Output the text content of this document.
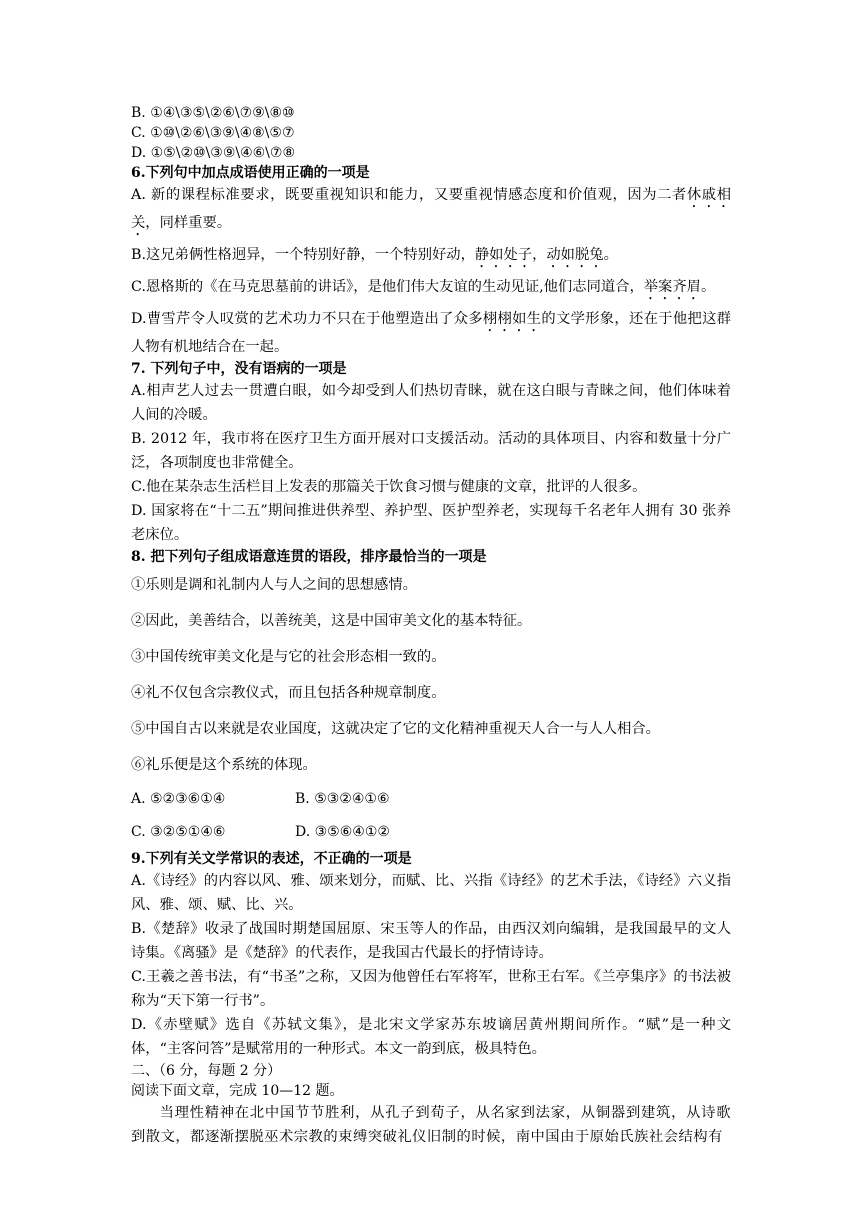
B. ①④\③⑤\②⑥\⑦⑨\⑧⑩
C. ①⑩\②⑥\③⑨\④⑧\⑤⑦
D. ①⑤\②⑩\③⑨\④⑥\⑦⑧
6.下列句中加点成语使用正确的一项是
A. 新的课程标准要求，既要重视知识和能力，又要重视情感态度和价值观，因为二者休戚相关，同样重要。
B.这兄弟俩性格迥异，一个特别好静，一个特别好动，静如处子，动如脱兔。
C.恩格斯的《在马克思墓前的讲话》，是他们伟大友谊的生动见证,他们志同道合，举案齐眉。
D.曹雪芹令人叹赏的艺术功力不只在于他塑造出了众多栩栩如生的文学形象，还在于他把这群人物有机地结合在一起。
7. 下列句子中，没有语病的一项是
A.相声艺人过去一贯遭白眼，如今却受到人们热切青睐，就在这白眼与青睐之间，他们体味着人间的冷暖。
B. 2012 年，我市将在医疗卫生方面开展对口支援活动。活动的具体项目、内容和数量十分广泛，各项制度也非常健全。
C.他在某杂志生活栏目上发表的那篇关于饮食习惯与健康的文章，批评的人很多。
D. 国家将在“十二五”期间推进供养型、养护型、医护型养老，实现每千名老年人拥有 30 张养老床位。
8. 把下列句子组成语意连贯的语段，排序最恰当的一项是
①乐则是调和礼制内人与人之间的思想感情。
②因此，美善结合，以善统美，这是中国审美文化的基本特征。
③中国传统审美文化是与它的社会形态相一致的。
④礼不仅包含宗教仪式，而且包括各种规章制度。
⑤中国自古以来就是农业国度，这就决定了它的文化精神重视天人合一与人人相合。
⑥礼乐便是这个系统的体现。
A. ⑤②③⑥①④	B. ⑤③②④①⑥
C. ③②⑤①④⑥	D. ③⑤⑥④①②
9.下列有关文学常识的表述，不正确的一项是
A.《诗经》的内容以风、雅、颂来划分，而赋、比、兴指《诗经》的艺术手法，《诗经》六义指风、雅、颂、赋、比、兴。
B.《楚辞》收录了战国时期楚国屈原、宋玉等人的作品，由西汉刘向编辑，是我国最早的文人诗集。《离骚》是《楚辞》的代表作，是我国古代最长的抒情诗诗。
C.王羲之善书法，有“书圣”之称，又因为他曾任右军将军，世称王右军。《兰亭集序》的书法被称为“天下第一行书”。
D.《赤壁赋》选自《苏轼文集》，是北宋文学家苏东坡谪居黄州期间所作。“赋”是一种文体，“主客问答”是赋常用的一种形式。本文一韵到底，极具特色。
二、（6 分，每题 2 分）
阅读下面文章，完成 10—12 题。
当理性精神在北中国节节胜利，从孔子到荀子，从名家到法家，从铜器到建筑，从诗歌到散文，都逐渐摆脱巫术宗教的束缚突破礼仪旧制的时候，南中国由于原始氏族社会结构有
